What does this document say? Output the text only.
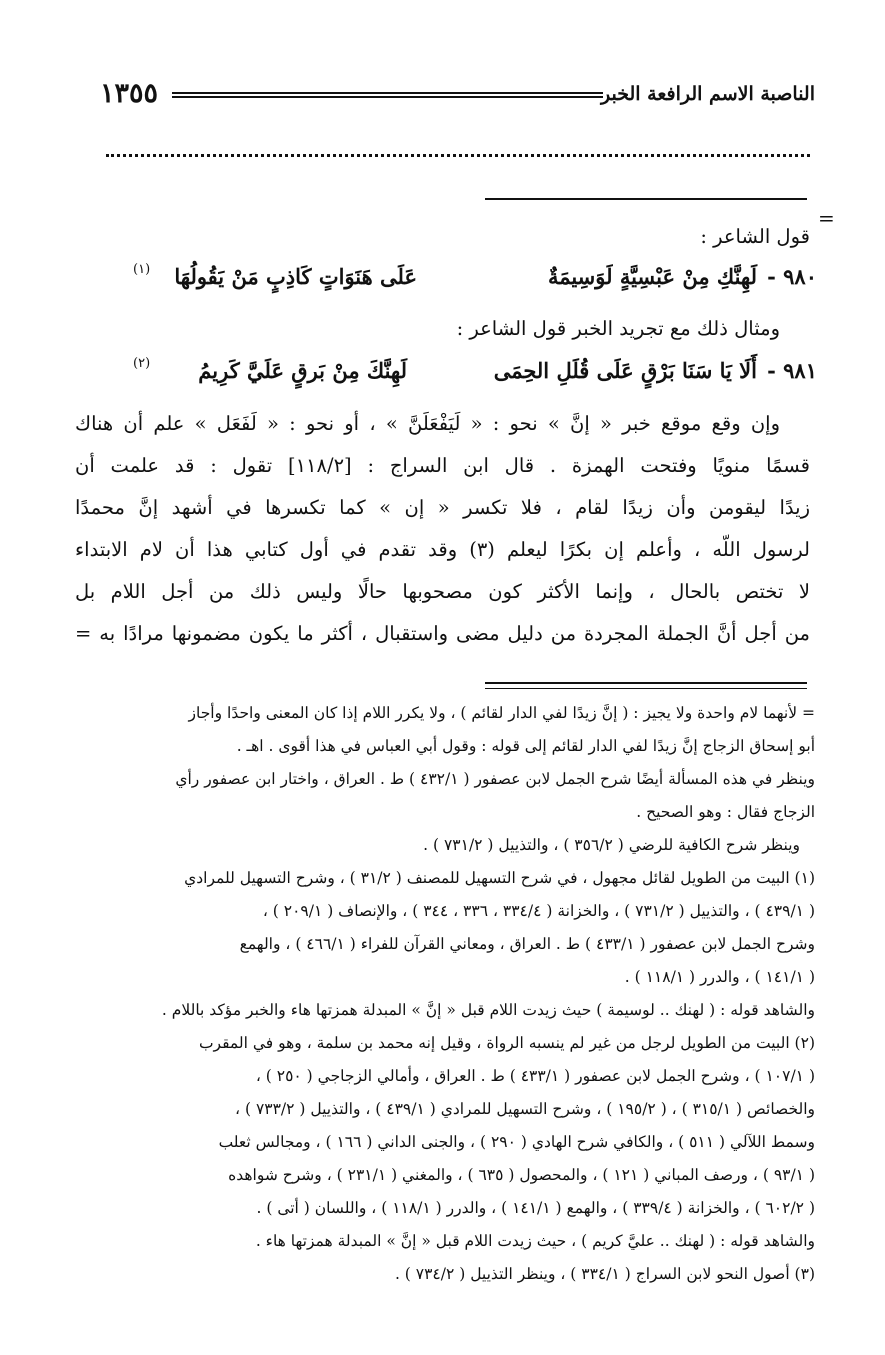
١٣٥٥	الناصبة الاسم الرافعة الخبر
=
قول الشاعر :
٩٨٠ -
لَهِنَّكِ مِنْ عَبْسِيَّةٍ لَوَسِيمَةٌ
عَلَى هَنَوَاتٍ كَاذِبٍ مَنْ يَقُولُهَا
(١)
ومثال ذلك مع تجريد الخبر قول الشاعر :
٩٨١ -
أَلَا يَا سَنَا بَرْقٍ عَلَى قُلَلِ الحِمَى
لَهِنَّكَ مِنْ بَرقٍ عَلَيَّ كَرِيمُ
(٢)
وإن وقع موقع خبر « إنَّ » نحو : « لَيَفْعَلَنَّ » ، أو نحو : « لَفَعَل » علم أن هناك
قسمًا منويًا وفتحت الهمزة . قال ابن السراج : [١١٨/٢] تقول : قد علمت أن
زيدًا ليقومن وأن زيدًا لقام ، فلا تكسر « إن » كما تكسرها في أشهد إنَّ محمدًا
لرسول اللّه ، وأعلم إن بكرًا ليعلم (٣) وقد تقدم في أول كتابي هذا أن لام الابتداء
لا تختص بالحال ، وإنما الأكثر كون مصحوبها حالًا وليس ذلك من أجل اللام بل
من أجل أنَّ الجملة المجردة من دليل مضى واستقبال ، أكثر ما يكون مضمونها مرادًا به =
= لأنهما لام واحدة ولا يجيز : ( إنَّ زيدًا لفي الدار لقائم ) ، ولا يكرر اللام إذا كان المعنى واحدًا وأجاز
أبو إسحاق الزجاج إنَّ زيدًا لفي الدار لقائم إلى قوله : وقول أبي العباس في هذا أقوى . اهـ .
وينظر في هذه المسألة أيضًا شرح الجمل لابن عصفور ( ٤٣٢/١ ) ط . العراق ، واختار ابن عصفور رأي
الزجاج فقال : وهو الصحيح .
وينظر شرح الكافية للرضي ( ٣٥٦/٢ ) ، والتذييل ( ٧٣١/٢ ) .
(١) البيت من الطويل لقائل مجهول ، في شرح التسهيل للمصنف ( ٣١/٢ ) ، وشرح التسهيل للمرادي
( ٤٣٩/١ ) ، والتذييل ( ٧٣١/٢ ) ، والخزانة ( ٣٣٤/٤ ، ٣٣٦ ، ٣٤٤ ) ، والإنصاف ( ٢٠٩/١ ) ،
وشرح الجمل لابن عصفور ( ٤٣٣/١ ) ط . العراق ، ومعاني القرآن للفراء ( ٤٦٦/١ ) ، والهمع
( ١٤١/١ ) ، والدرر ( ١١٨/١ ) .
والشاهد قوله : ( لهنك .. لوسيمة ) حيث زيدت اللام قبل « إنَّ » المبدلة همزتها هاء والخبر مؤكد باللام .
(٢) البيت من الطويل لرجل من غير لم ينسبه الرواة ، وقيل إنه محمد بن سلمة ، وهو في المقرب
( ١٠٧/١ ) ، وشرح الجمل لابن عصفور ( ٤٣٣/١ ) ط . العراق ، وأمالي الزجاجي ( ٢٥٠ ) ،
والخصائص ( ٣١٥/١ ) ، ( ١٩٥/٢ ) ، وشرح التسهيل للمرادي ( ٤٣٩/١ ) ، والتذييل ( ٧٣٣/٢ ) ،
وسمط اللآلي ( ٥١١ ) ، والكافي شرح الهادي ( ٢٩٠ ) ، والجنى الداني ( ١٦٦ ) ، ومجالس ثعلب
( ٩٣/١ ) ، ورصف المباني ( ١٢١ ) ، والمحصول ( ٦٣٥ ) ، والمغني ( ٢٣١/١ ) ، وشرح شواهده
( ٦٠٢/٢ ) ، والخزانة ( ٣٣٩/٤ ) ، والهمع ( ١٤١/١ ) ، والدرر ( ١١٨/١ ) ، واللسان ( أتى ) .
والشاهد قوله : ( لهنك .. عليَّ كريم ) ، حيث زيدت اللام قبل « إنَّ » المبدلة همزتها هاء .
(٣) أصول النحو لابن السراج ( ٣٣٤/١ ) ، وينظر التذييل ( ٧٣٤/٢ ) .
